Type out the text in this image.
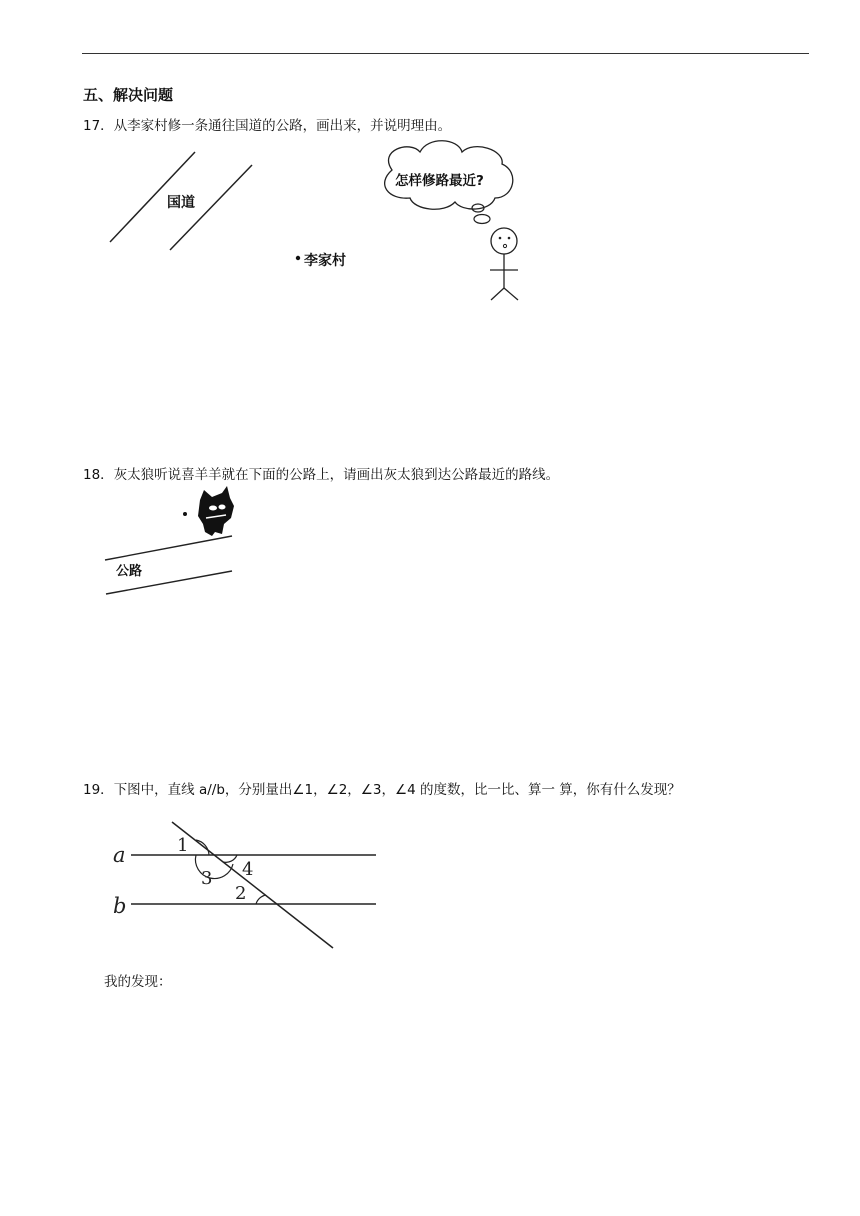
五、解决问题
17．从李家村修一条通往国道的公路，画出来，并说明理由。
国道
李家村
怎样修路最近?
18．灰太狼听说喜羊羊就在下面的公路上，请画出灰太狼到达公路最近的路线。
公路
19．下图中，直线 a//b，分别量出∠1，∠2，∠3，∠4 的度数，比一比、算一 算，你有什么发现？
a
b
1
2
3 4
我的发现：
